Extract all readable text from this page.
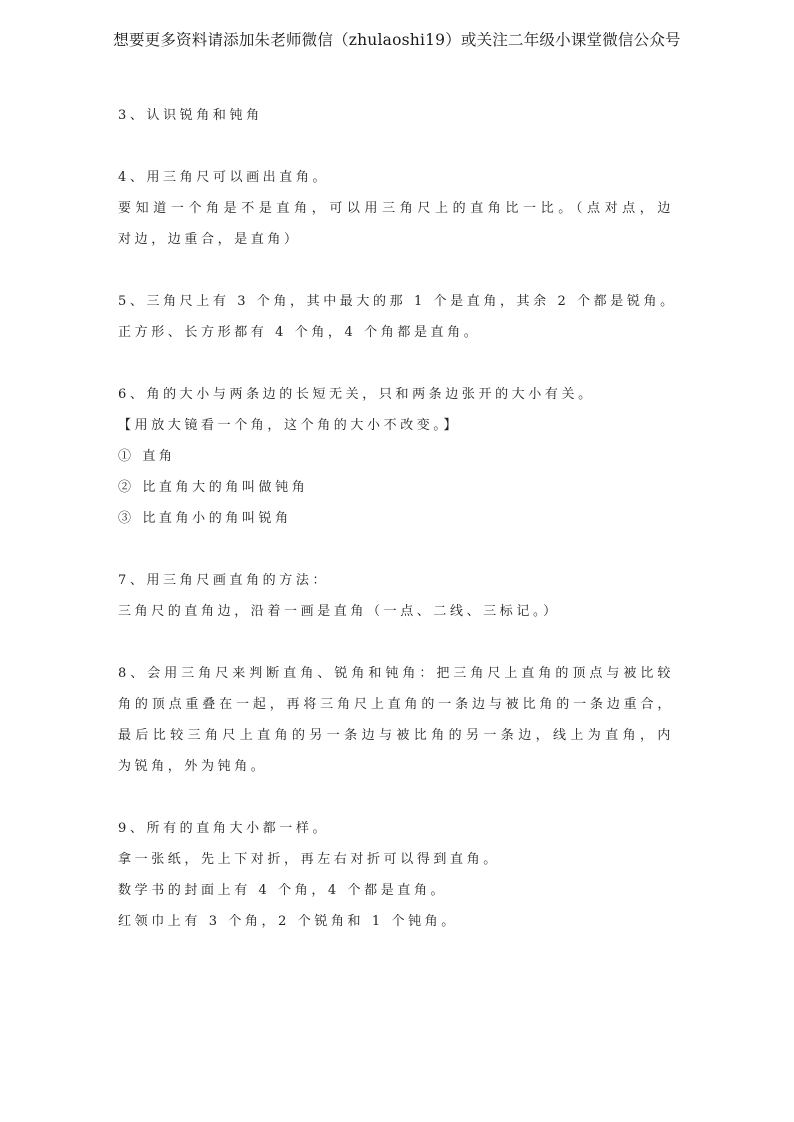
想要更多资料请添加朱老师微信（zhulaoshi19）或关注二年级小课堂微信公众号
3、认识锐角和钝角
4、用三角尺可以画出直角。
要知道一个角是不是直角，可以用三角尺上的直角比一比。（点对点，边
对边，边重合，是直角）
5、三角尺上有 3 个角，其中最大的那 1 个是直角，其余 2 个都是锐角。
正方形、长方形都有 4 个角，4 个角都是直角。
6、角的大小与两条边的长短无关，只和两条边张开的大小有关。
【用放大镜看一个角，这个角的大小不改变。】
① 直角
② 比直角大的角叫做钝角
③ 比直角小的角叫锐角
7、用三角尺画直角的方法：
三角尺的直角边，沿着一画是直角（一点、二线、三标记。）
8、会用三角尺来判断直角、锐角和钝角：把三角尺上直角的顶点与被比较
角的顶点重叠在一起，再将三角尺上直角的一条边与被比角的一条边重合，
最后比较三角尺上直角的另一条边与被比角的另一条边，线上为直角，内
为锐角，外为钝角。
9、所有的直角大小都一样。
拿一张纸，先上下对折，再左右对折可以得到直角。
数学书的封面上有 4 个角，4 个都是直角。
红领巾上有 3 个角，2 个锐角和 1 个钝角。
